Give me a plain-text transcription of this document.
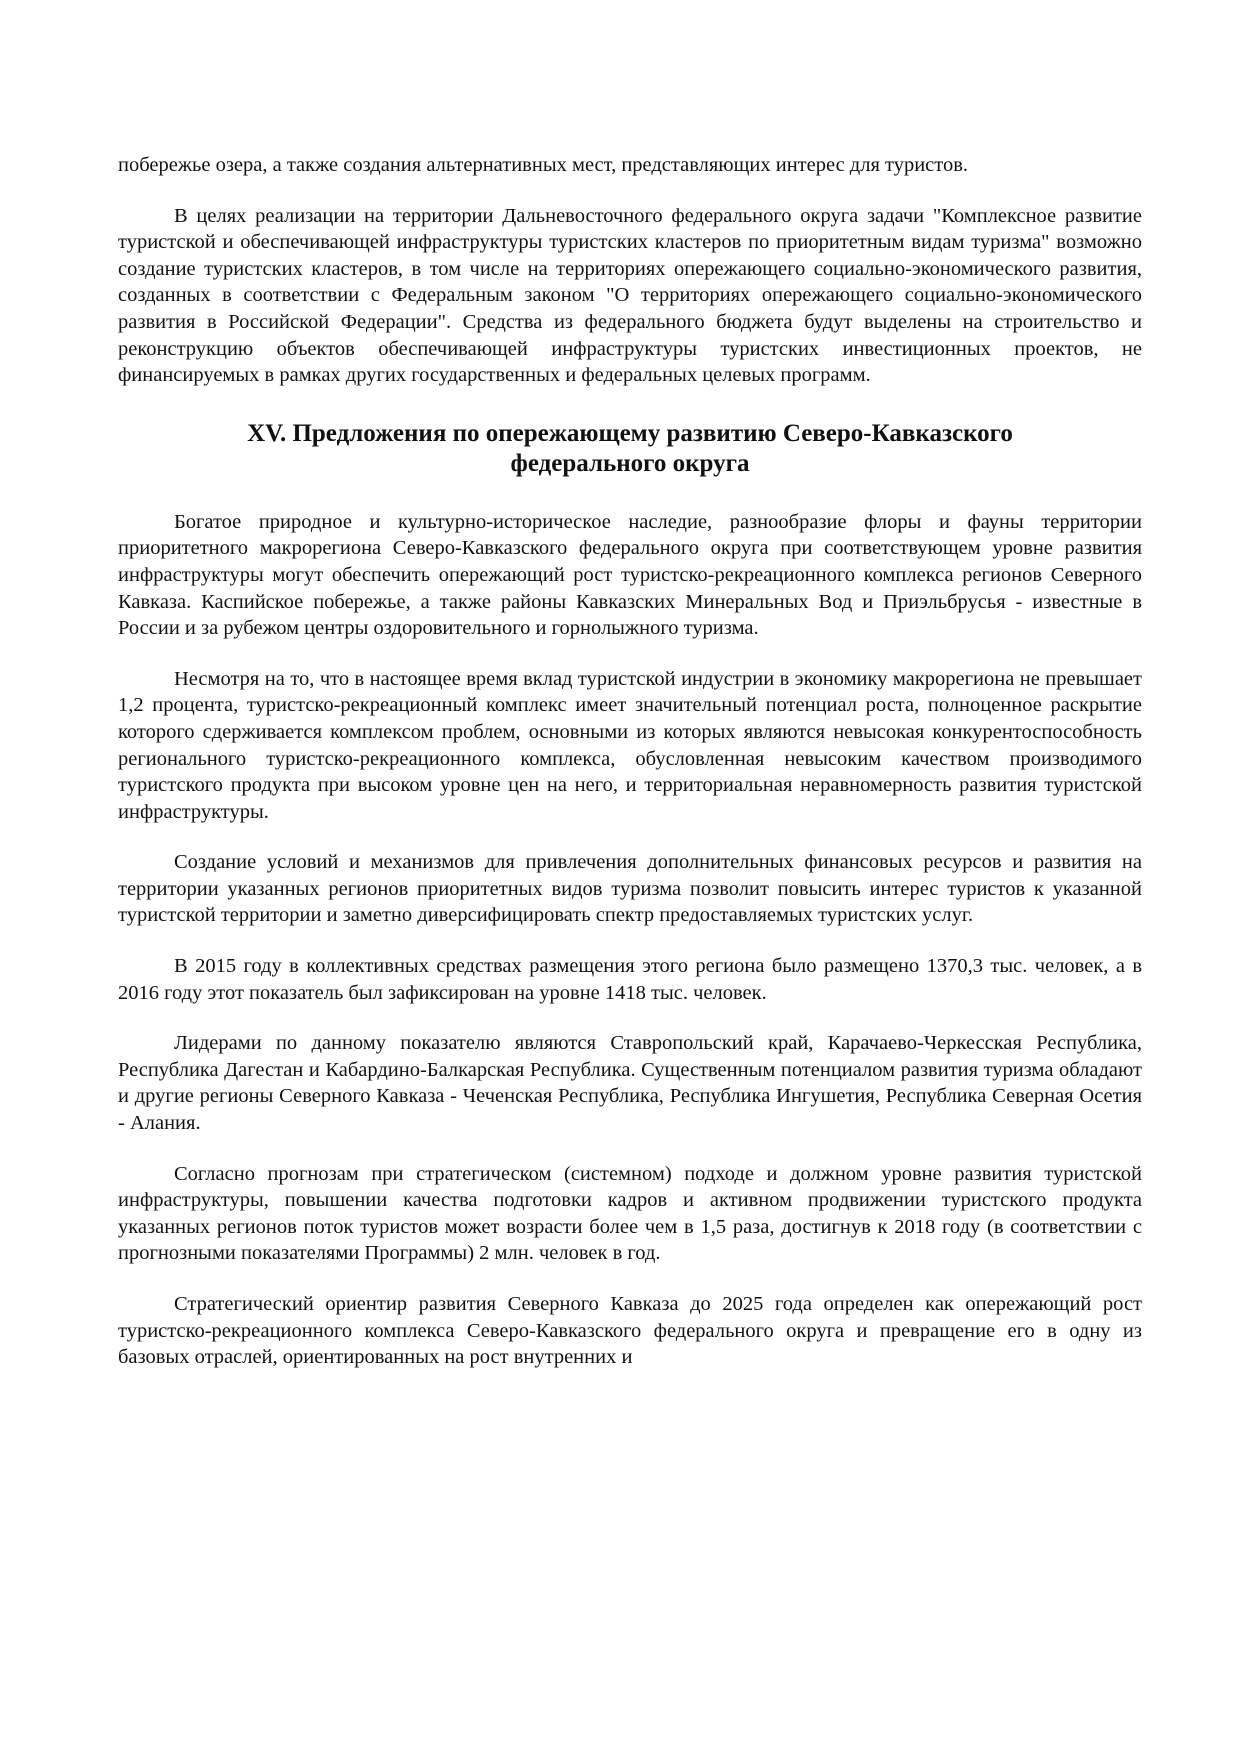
побережье озера, а также создания альтернативных мест, представляющих интерес для туристов.

В целях реализации на территории Дальневосточного федерального округа задачи "Комплексное развитие туристской и обеспечивающей инфраструктуры туристских кластеров по приоритетным видам туризма" возможно создание туристских кластеров, в том числе на территориях опережающего социально-экономического развития, созданных в соответствии с Федеральным законом "О территориях опережающего социально-экономического развития в Российской Федерации". Средства из федерального бюджета будут выделены на строительство и реконструкцию объектов обеспечивающей инфраструктуры туристских инвестиционных проектов, не финансируемых в рамках других государственных и федеральных целевых программ.

XV. Предложения по опережающему развитию Северо-Кавказского
федерального округа

Богатое природное и культурно-историческое наследие, разнообразие флоры и фауны территории приоритетного макрорегиона Северо-Кавказского федерального округа при соответствующем уровне развития инфраструктуры могут обеспечить опережающий рост туристско-рекреационного комплекса регионов Северного Кавказа. Каспийское побережье, а также районы Кавказских Минеральных Вод и Приэльбрусья - известные в России и за рубежом центры оздоровительного и горнолыжного туризма.

Несмотря на то, что в настоящее время вклад туристской индустрии в экономику макрорегиона не превышает 1,2 процента, туристско-рекреационный комплекс имеет значительный потенциал роста, полноценное раскрытие которого сдерживается комплексом проблем, основными из которых являются невысокая конкурентоспособность регионального туристско-рекреационного комплекса, обусловленная невысоким качеством производимого туристского продукта при высоком уровне цен на него, и территориальная неравномерность развития туристской инфраструктуры.

Создание условий и механизмов для привлечения дополнительных финансовых ресурсов и развития на территории указанных регионов приоритетных видов туризма позволит повысить интерес туристов к указанной туристской территории и заметно диверсифицировать спектр предоставляемых туристских услуг.

В 2015 году в коллективных средствах размещения этого региона было размещено 1370,3 тыс. человек, а в 2016 году этот показатель был зафиксирован на уровне 1418 тыс. человек.

Лидерами по данному показателю являются Ставропольский край, Карачаево-Черкесская Республика, Республика Дагестан и Кабардино-Балкарская Республика. Существенным потенциалом развития туризма обладают и другие регионы Северного Кавказа - Чеченская Республика, Республика Ингушетия, Республика Северная Осетия - Алания.

Согласно прогнозам при стратегическом (системном) подходе и должном уровне развития туристской инфраструктуры, повышении качества подготовки кадров и активном продвижении туристского продукта указанных регионов поток туристов может возрасти более чем в 1,5 раза, достигнув к 2018 году (в соответствии с прогнозными показателями Программы) 2 млн. человек в год.

Стратегический ориентир развития Северного Кавказа до 2025 года определен как опережающий рост туристско-рекреационного комплекса Северо-Кавказского федерального округа и превращение его в одну из базовых отраслей, ориентированных на рост внутренних и
